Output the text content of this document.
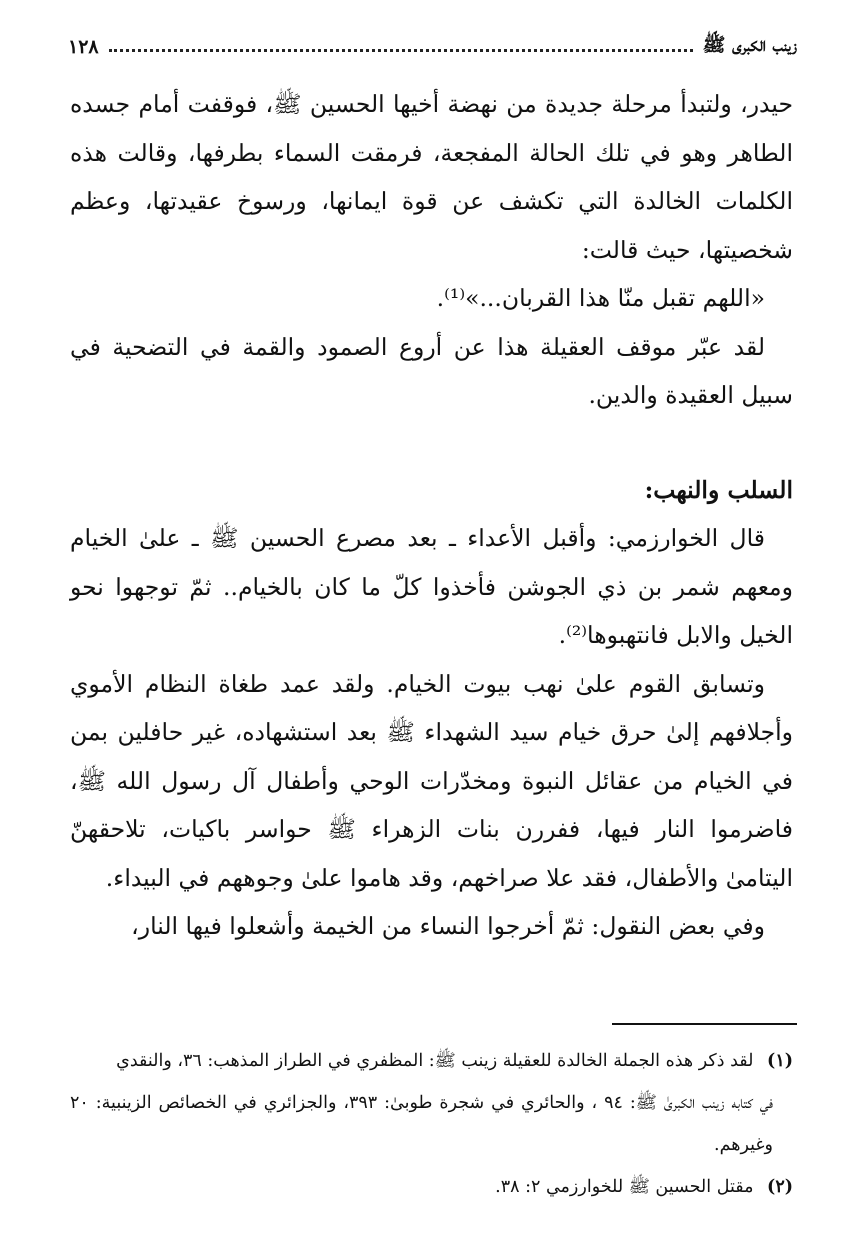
زينب الكبرى ﷺ
١٢٨

حيدر، ولتبدأ مرحلة جديدة من نهضة أخيها الحسين ﷺ، فوقفت أمام جسده الطاهر وهو في تلك الحالة المفجعة، فرمقت السماء بطرفها، وقالت هذه الكلمات الخالدة التي تكشف عن قوة ايمانها، ورسوخ عقيدتها، وعظم شخصيتها، حيث قالت:

«اللهم تقبل منّا هذا القربان...»⁽¹⁾.

لقد عبّر موقف العقيلة هذا عن أروع الصمود والقمة في التضحية في سبيل العقيدة والدين.

السلب والنهب:

قال الخوارزمي: وأقبل الأعداء ـ بعد مصرع الحسين ﷺ ـ علىٰ الخيام ومعهم شمر بن ذي الجوشن فأخذوا كلّ ما كان بالخيام.. ثمّ توجهوا نحو الخيل والابل فانتهبوها⁽²⁾.

وتسابق القوم علىٰ نهب بيوت الخيام. ولقد عمد طغاة النظام الأموي وأجلافهم إلىٰ حرق خيام سيد الشهداء ﷺ بعد استشهاده، غير حافلين بمن في الخيام من عقائل النبوة ومخدّرات الوحي وأطفال آل رسول الله ﷺ، فاضرموا النار فيها، ففررن بنات الزهراء ﷺ حواسر باكيات، تلاحقهنّ اليتامىٰ والأطفال، فقد علا صراخهم، وقد هاموا علىٰ وجوههم في البيداء.

وفي بعض النقول: ثمّ أخرجوا النساء من الخيمة وأشعلوا فيها النار،

(١) لقد ذكر هذه الجملة الخالدة للعقيلة زينب ﷺ: المظفري في الطراز المذهب: ٣٦، والنقدي

في كتابه زينب الكبرىٰ ﷺ: ٩٤ ، والحائري في شجرة طوبىٰ: ٣٩٣، والجزائري في الخصائص الزينبية: ٢٠ وغيرهم.

(٢) مقتل الحسين ﷺ للخوارزمي ٢: ٣٨.
